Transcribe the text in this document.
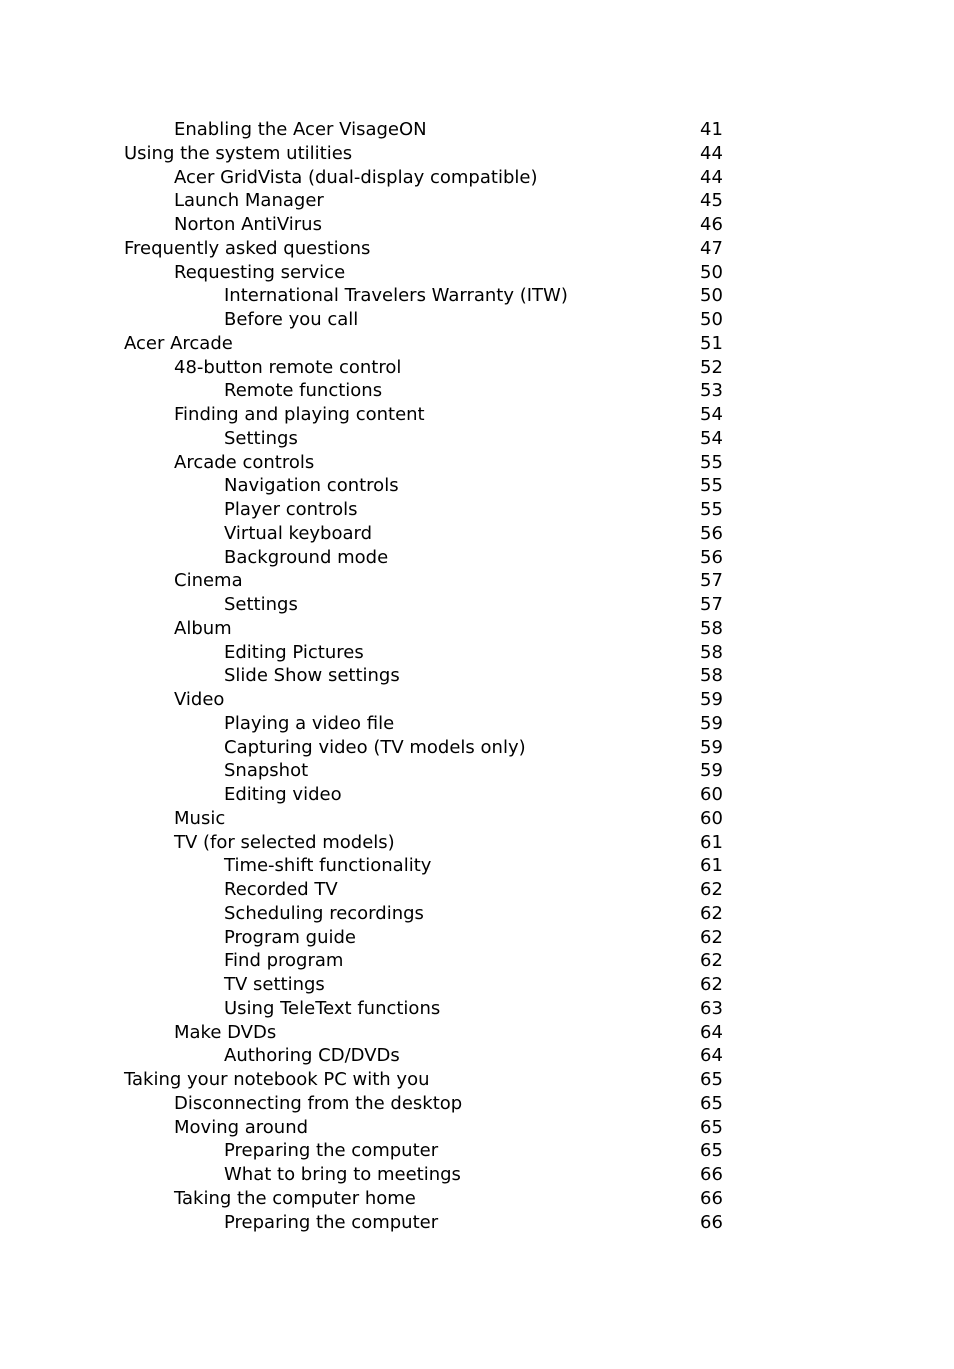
Enabling the Acer VisageON	41
Using the system utilities	44
Acer GridVista (dual-display compatible)	44
Launch Manager	45
Norton AntiVirus	46
Frequently asked questions	47
Requesting service	50
International Travelers Warranty (ITW)	50
Before you call	50
Acer Arcade	51
48-button remote control	52
Remote functions	53
Finding and playing content	54
Settings	54
Arcade controls	55
Navigation controls	55
Player controls	55
Virtual keyboard	56
Background mode	56
Cinema	57
Settings	57
Album	58
Editing Pictures	58
Slide Show settings	58
Video	59
Playing a video file	59
Capturing video (TV models only)	59
Snapshot	59
Editing video	60
Music	60
TV (for selected models)	61
Time-shift functionality	61
Recorded TV	62
Scheduling recordings	62
Program guide	62
Find program	62
TV settings	62
Using TeleText functions	63
Make DVDs	64
Authoring CD/DVDs	64
Taking your notebook PC with you	65
Disconnecting from the desktop	65
Moving around	65
Preparing the computer	65
What to bring to meetings	66
Taking the computer home	66
Preparing the computer	66
